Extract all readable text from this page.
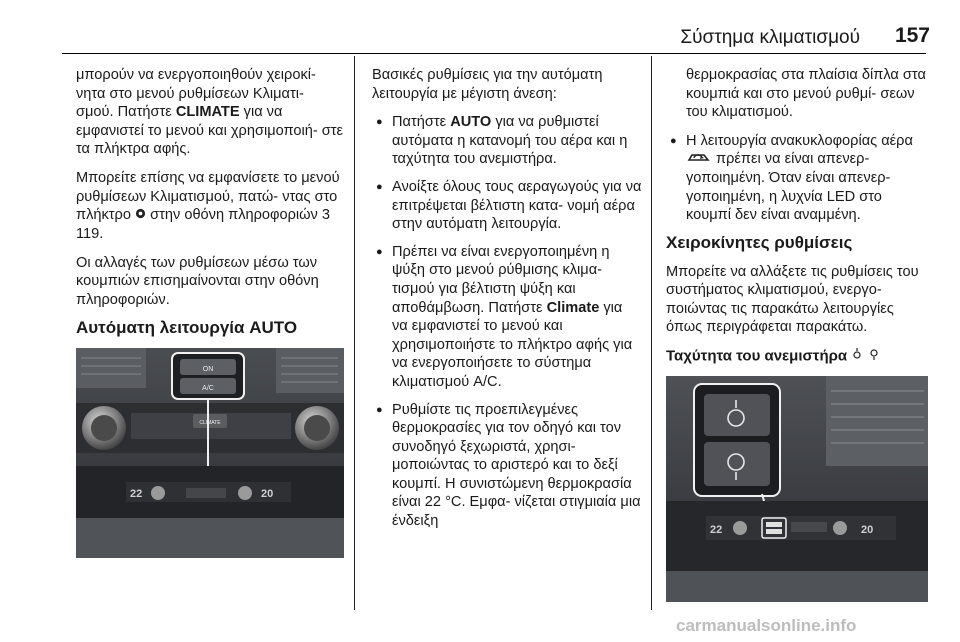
Σύστημα κλιματισμού	157

μπορούν να ενεργοποιηθούν χειροκί- νητα στο μενού ρυθμίσεων Κλιματι- σμού. Πατήστε CLIMATE για να εμφανιστεί το μενού και χρησιμοποιή- στε τα πλήκτρα αφής.

Μπορείτε επίσης να εμφανίσετε το μενού ρυθμίσεων Κλιματισμού, πατώ- ντας στο πλήκτρο  στην οθόνη πληροφοριών 3 119.

Οι αλλαγές των ρυθμίσεων μέσω των κουμπιών επισημαίνονται στην οθόνη πληροφοριών.

Αυτόματη λειτουργία AUTO
ON
A/C
CLIMATE
22	20

Βασικές ρυθμίσεις για την αυτόματη λειτουργία με μέγιστη άνεση:

● Πατήστε AUTO για να ρυθμιστεί αυτόματα η κατανομή του αέρα και η ταχύτητα του ανεμιστήρα.
● Ανοίξτε όλους τους αεραγωγούς για να επιτρέψεται βέλτιστη κατα- νομή αέρα στην αυτόματη λειτουργία.
● Πρέπει να είναι ενεργοποιημένη η ψύξη στο μενού ρύθμισης κλιμα- τισμού για βέλτιστη ψύξη και αποθάμβωση. Πατήστε Climate για να εμφανιστεί το μενού και χρησιμοποιήστε το πλήκτρο αφής για να ενεργοποιήσετε το σύστημα κλιματισμού A/C.
● Ρυθμίστε τις προεπιλεγμένες θερμοκρασίες για τον οδηγό και τον συνοδηγό ξεχωριστά, χρησι- μοποιώντας το αριστερό και το δεξί κουμπί. Η συνιστώμενη θερμοκρασία είναι 22 °C. Εμφα- νίζεται στιγμιαία μια ένδειξη

θερμοκρασίας στα πλαίσια δίπλα στα κουμπιά και στο μενού ρυθμί- σεων του κλιματισμού.

● Η λειτουργία ανακυκλοφορίας αέρα  πρέπει να είναι απενερ- γοποιημένη. Όταν είναι απενερ- γοποιημένη, η λυχνία LED στο κουμπί δεν είναι αναμμένη.
Χειροκίνητες ρυθμίσεις

Μπορείτε να αλλάξετε τις ρυθμίσεις του συστήματος κλιματισμού, ενεργο- ποιώντας τις παρακάτω λειτουργίες όπως περιγράφεται παρακάτω.

Ταχύτητα του ανεμιστήρα

22	20
carmanualsonline.info
